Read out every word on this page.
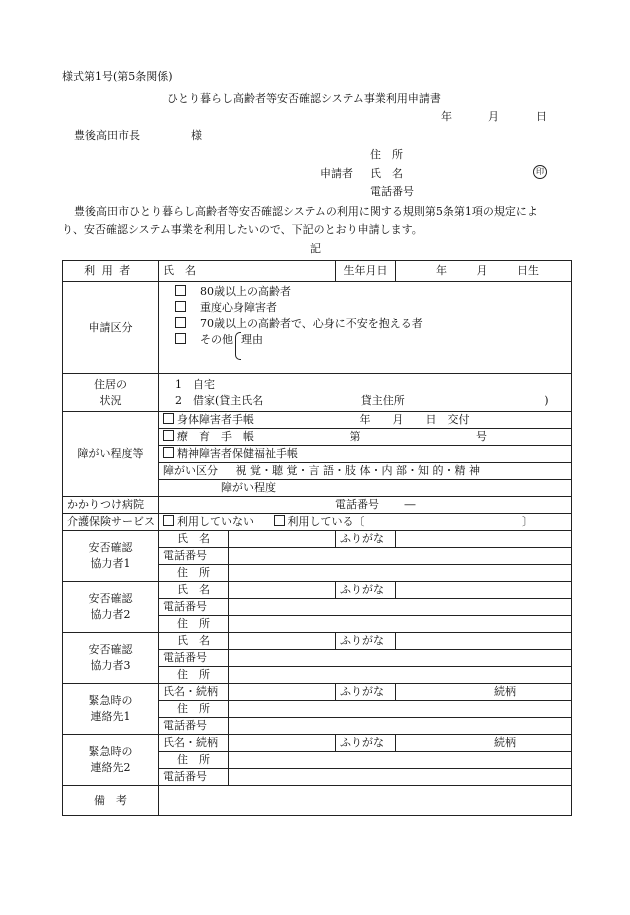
様式第1号(第5条関係)
ひとり暮らし高齢者等安否確認システム事業利用申請書
年	月	日
豊後高田市長	様
住　所
申請者 氏　名	印
電話番号
豊後高田市ひとり暮らし高齢者等安否確認システムの利用に関する規則第5条第1項の規定によ
り、安否確認システム事業を利用したいので、下記のとおり申請します。
記
利用者	氏　名		生年月日	年 月 日生
申請区分	
　80歳以上の高齢者
　重度心身障害者
　70歳以上の高齢者で、心身に不安を抱える者
　その他 理由			

住居の
状況	1　自宅
2　借家(貸主氏名 貸主住所 )			

障がい程度等	身体障害者手帳 年　　月　　日　交付			
	療　育　手　帳 第 号			
	精神障害者保健福祉手帳			
	障がい区分 視 覚・聴 覚・言 語・肢 体・内 部・知 的・精 神			
	障がい程度			
かかりつけ病院	電話番号 ―			
介護保険サービス	利用していない 利用している〔 〕			

安否確認
協力者1	氏　名		ふりがな	
	電話番号			
	住　所			

安否確認
協力者2	氏　名		ふりがな	
	電話番号			
	住　所			

安否確認
協力者3	氏　名		ふりがな	
	電話番号			
	住　所			

緊急時の
連絡先1	氏名・続柄		ふりがな	続柄
	住　所			
	電話番号			

緊急時の
連絡先2	氏名・続柄		ふりがな	続柄
	住　所			
	電話番号			
備　考				
